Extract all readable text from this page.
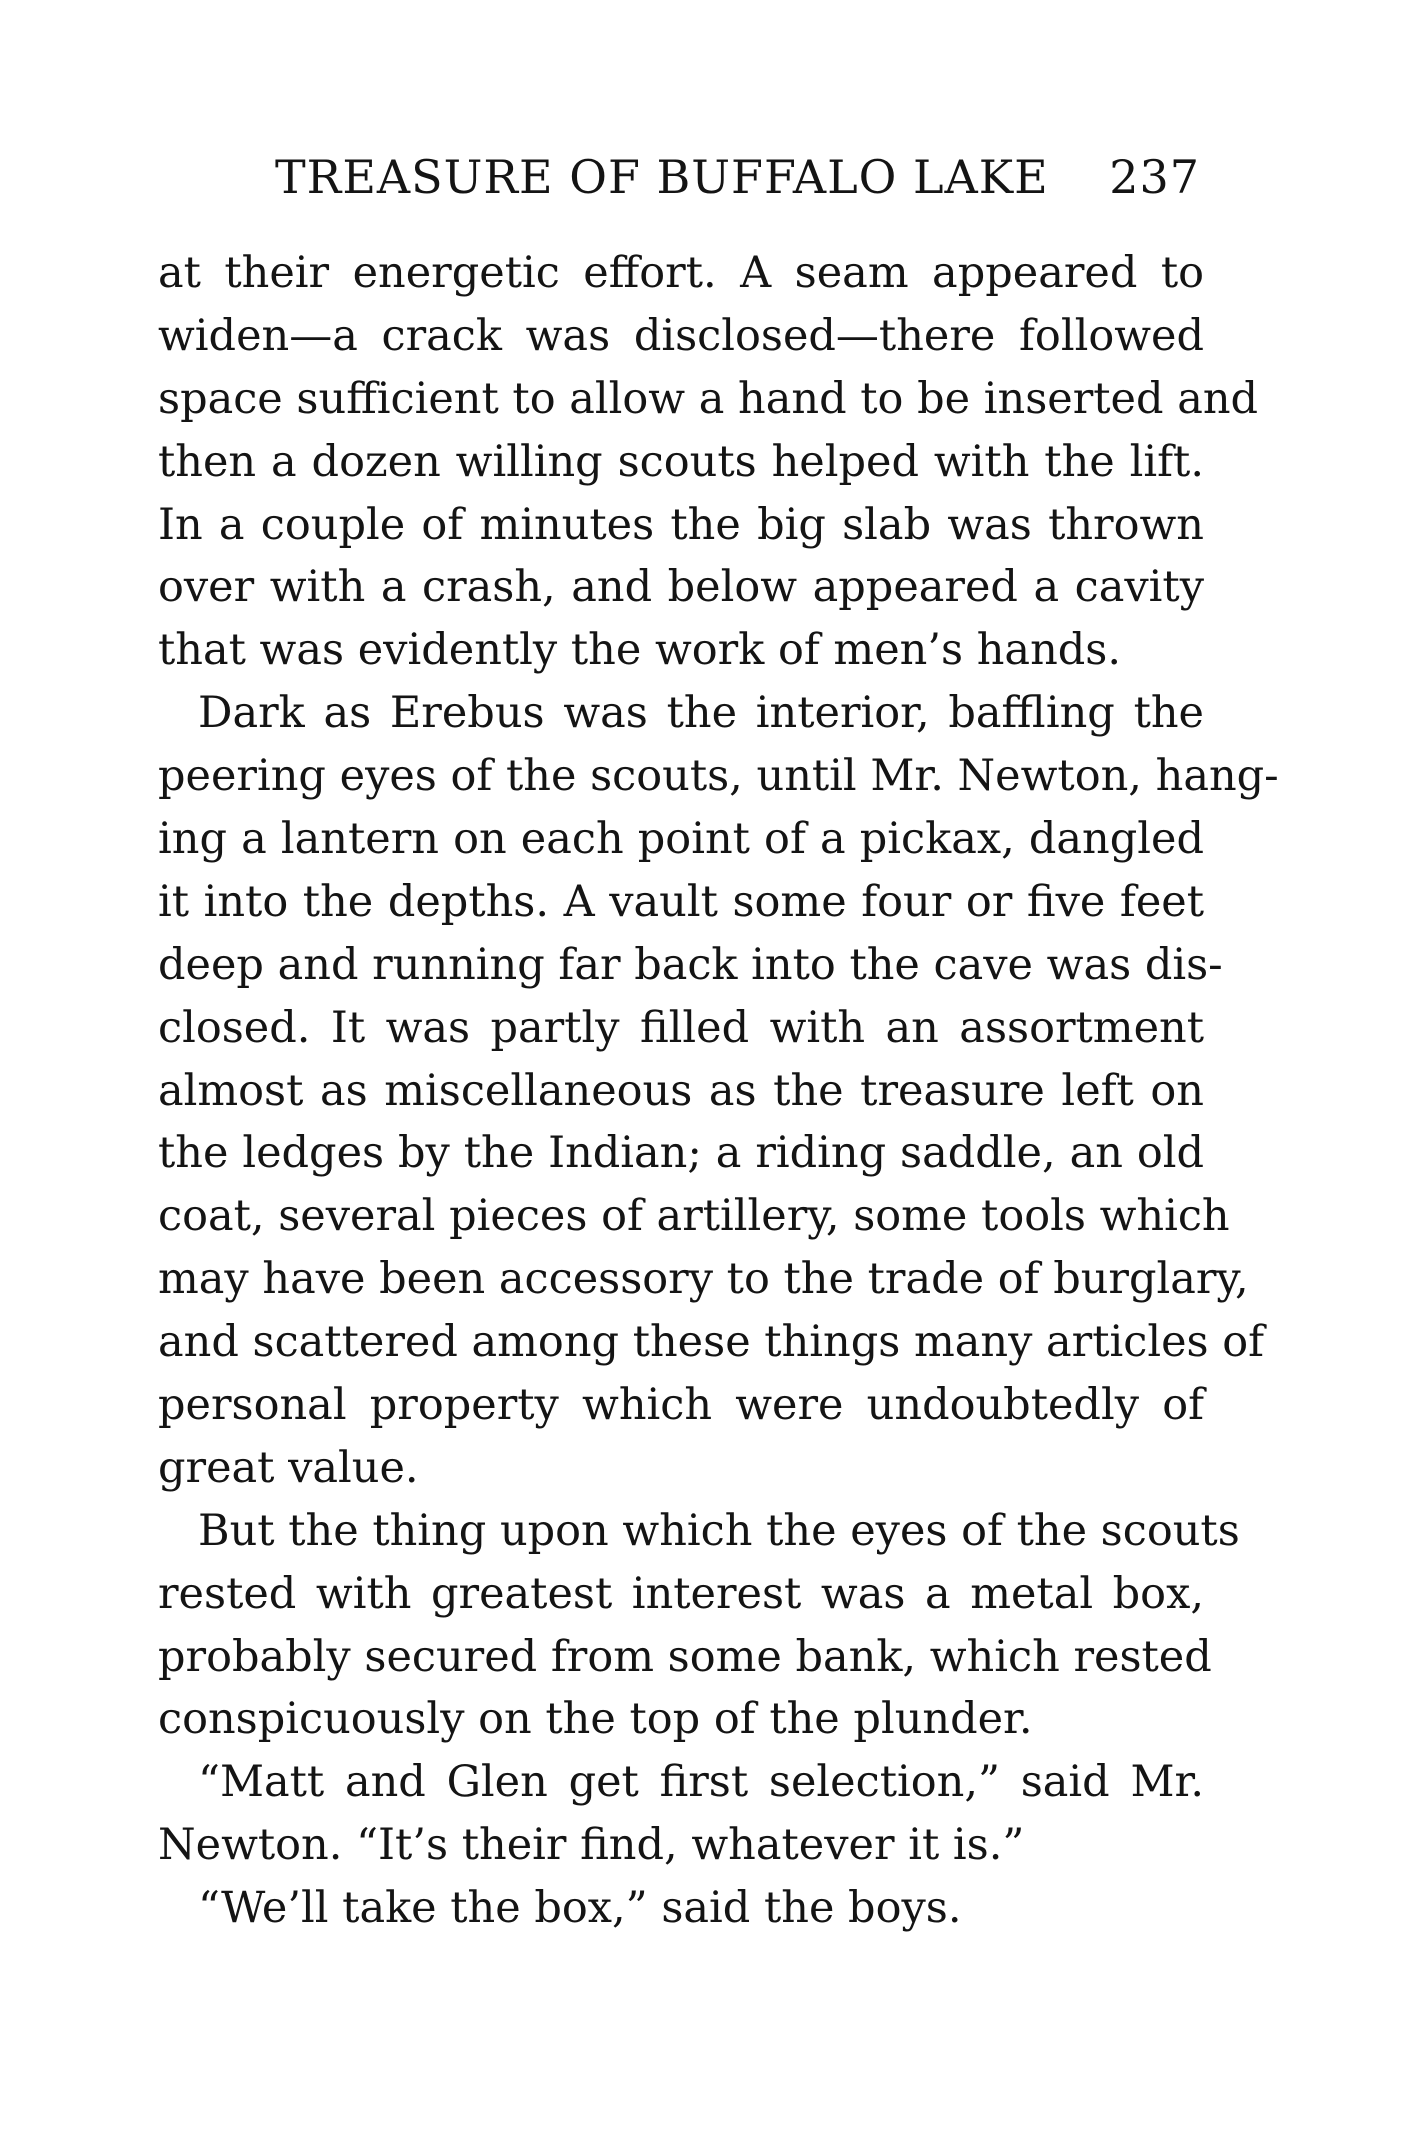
TREASURE OF BUFFALO LAKE 237
at their energetic effort. A seam appeared to
widen—a crack was disclosed—there followed
space sufficient to allow a hand to be inserted and
then a dozen willing scouts helped with the lift.
In a couple of minutes the big slab was thrown
over with a crash, and below appeared a cavity
that was evidently the work of men’s hands.
Dark as Erebus was the interior, baffling the
peering eyes of the scouts, until Mr. Newton, hang-
ing a lantern on each point of a pickax, dangled
it into the depths. A vault some four or five feet
deep and running far back into the cave was dis-
closed. It was partly filled with an assortment
almost as miscellaneous as the treasure left on
the ledges by the Indian; a riding saddle, an old
coat, several pieces of artillery, some tools which
may have been accessory to the trade of burglary,
and scattered among these things many articles of
personal property which were undoubtedly of
great value.
But the thing upon which the eyes of the scouts
rested with greatest interest was a metal box,
probably secured from some bank, which rested
conspicuously on the top of the plunder.
“Matt and Glen get first selection,” said Mr.
Newton. “It’s their find, whatever it is.”
“We’ll take the box,” said the boys.
